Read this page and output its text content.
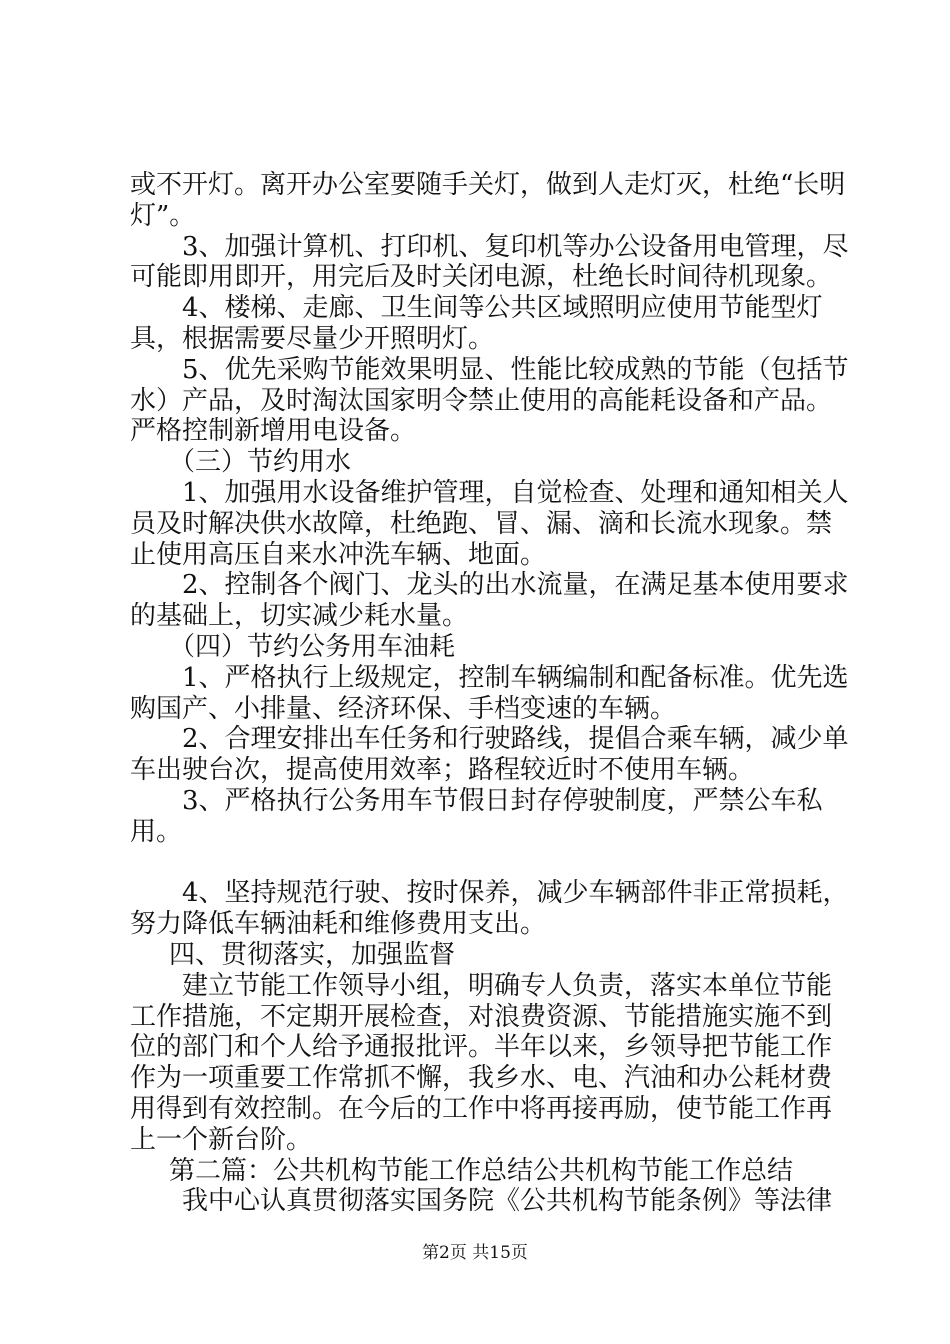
或不开灯。离开办公室要随手关灯，做到人走灯灭，杜绝“长明灯”。

3、加强计算机、打印机、复印机等办公设备用电管理，尽可能即用即开，用完后及时关闭电源，杜绝长时间待机现象。

4、楼梯、走廊、卫生间等公共区域照明应使用节能型灯具，根据需要尽量少开照明灯。

5、优先采购节能效果明显、性能比较成熟的节能（包括节水）产品，及时淘汰国家明令禁止使用的高能耗设备和产品。严格控制新增用电设备。

（三）节约用水

1、加强用水设备维护管理，自觉检查、处理和通知相关人员及时解决供水故障，杜绝跑、冒、漏、滴和长流水现象。禁止使用高压自来水冲洗车辆、地面。

2、控制各个阀门、龙头的出水流量，在满足基本使用要求的基础上，切实减少耗水量。

（四）节约公务用车油耗

1、严格执行上级规定，控制车辆编制和配备标准。优先选购国产、小排量、经济环保、手档变速的车辆。

2、合理安排出车任务和行驶路线，提倡合乘车辆，减少单车出驶台次，提高使用效率；路程较近时不使用车辆。

3、严格执行公务用车节假日封存停驶制度，严禁公车私用。

4、坚持规范行驶、按时保养，减少车辆部件非正常损耗，努力降低车辆油耗和维修费用支出。

四、贯彻落实，加强监督

建立节能工作领导小组，明确专人负责，落实本单位节能工作措施，不定期开展检查，对浪费资源、节能措施实施不到位的部门和个人给予通报批评。半年以来，乡领导把节能工作作为一项重要工作常抓不懈，我乡水、电、汽油和办公耗材费用得到有效控制。在今后的工作中将再接再励，使节能工作再上一个新台阶。

第二篇：公共机构节能工作总结公共机构节能工作总结

我中心认真贯彻落实国务院《公共机构节能条例》等法律

第2页 共15页
